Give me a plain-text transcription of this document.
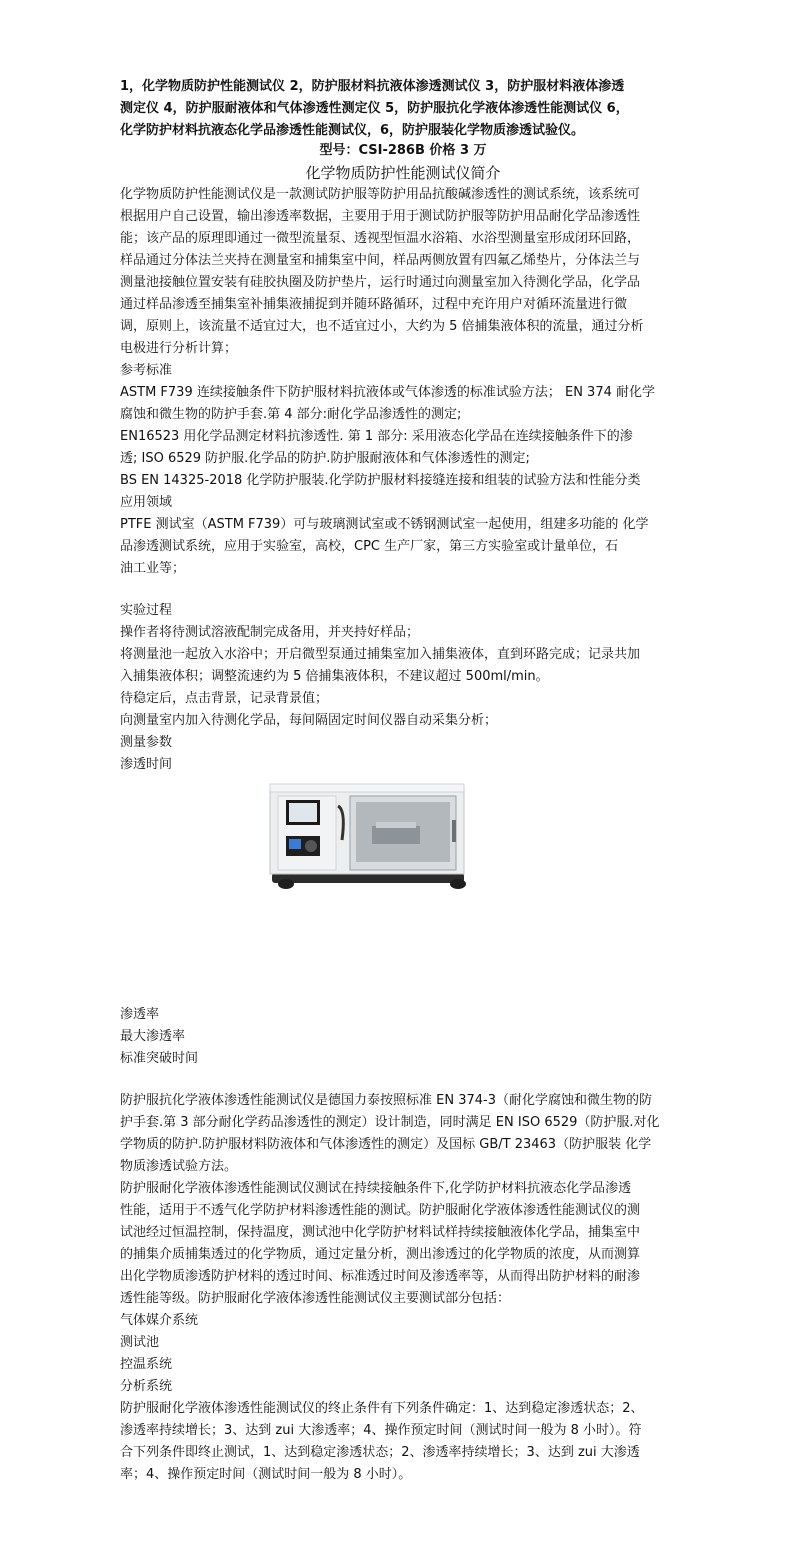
1，化学物质防护性能测试仪 2，防护服材料抗液体渗透测试仪 3，防护服材料液体渗透
测定仪 4，防护服耐液体和气体渗透性测定仪 5，防护服抗化学液体渗透性能测试仪 6，
化学防护材料抗液态化学品渗透性能测试仪，6，防护服装化学物质渗透试验仪。
型号：CSI-286B 价格 3 万
化学物质防护性能测试仪简介
化学物质防护性能测试仪是一款测试防护服等防护用品抗酸碱渗透性的测试系统，该系统可
根据用户自己设置，输出渗透率数据，主要用于用于测试防护服等防护用品耐化学品渗透性
能；该产品的原理即通过一微型流量泵、透视型恒温水浴箱、水浴型测量室形成闭环回路，
样品通过分体法兰夹持在测量室和捕集室中间，样品两侧放置有四氟乙烯垫片，分体法兰与
测量池接触位置安装有硅胶执圈及防护垫片，运行时通过向测量室加入待测化学品，化学品
通过样品渗透至捕集室补捕集液捕捉到并随环路循环，过程中充许用户对循环流量进行微
调，原则上，该流量不适宜过大，也不适宜过小，大约为 5 倍捕集液体积的流量，通过分析
电极进行分析计算；
参考标准
ASTM F739 连续接触条件下防护服材料抗液体或气体渗透的标准试验方法； EN 374 耐化学
腐蚀和微生物的防护手套.第 4 部分:耐化学品渗透性的测定;
EN16523 用化学品测定材料抗渗透性. 第 1 部分: 采用液态化学品在连续接触条件下的渗
透; ISO 6529 防护服.化学品的防护.防护服耐液体和气体渗透性的测定;
BS EN 14325-2018 化学防护服装.化学防护服材料接缝连接和组装的试验方法和性能分类
应用领域
PTFE 测试室（ASTM F739）可与玻璃测试室或不锈钢测试室一起使用，组建多功能的 化学
品渗透测试系统，应用于实验室，高校，CPC 生产厂家，第三方实验室或计量单位，石
油工业等；
实验过程
操作者将待测试溶液配制完成备用，并夹持好样品；
将测量池一起放入水浴中；开启微型泵通过捕集室加入捕集液体，直到环路完成；记录共加
入捕集液体积；调整流速约为 5 倍捕集液体积，不建议超过 500ml/min。
待稳定后，点击背景，记录背景值；
向测量室内加入待测化学品，每间隔固定时间仪器自动采集分析；
测量参数
渗透时间
渗透率
最大渗透率
标准突破时间
防护服抗化学液体渗透性能测试仪是德国力泰按照标准 EN 374-3（耐化学腐蚀和微生物的防
护手套.第 3 部分耐化学药品渗透性的测定）设计制造，同时满足 EN ISO 6529（防护服.对化
学物质的防护.防护服材料防液体和气体渗透性的测定）及国标 GB/T 23463（防护服装 化学
物质渗透试验方法。
防护服耐化学液体渗透性能测试仪测试在持续接触条件下,化学防护材料抗液态化学品渗透
性能，适用于不透气化学防护材料渗透性能的测试。防护服耐化学液体渗透性能测试仪的测
试池经过恒温控制，保持温度，测试池中化学防护材料试样持续接触液体化学品，捕集室中
的捕集介质捕集透过的化学物质，通过定量分析，测出渗透过的化学物质的浓度，从而测算
出化学物质渗透防护材料的透过时间、标准透过时间及渗透率等，从而得出防护材料的耐渗
透性能等级。防护服耐化学液体渗透性能测试仪主要测试部分包括：
气体媒介系统
测试池
控温系统
分析系统
防护服耐化学液体渗透性能测试仪的终止条件有下列条件确定：1、达到稳定渗透状态；2、
渗透率持续增长；3、达到 zui 大渗透率；4、操作预定时间（测试时间一般为 8 小时）。符
合下列条件即终止测试，1、达到稳定渗透状态；2、渗透率持续增长；3、达到 zui 大渗透
率；4、操作预定时间（测试时间一般为 8 小时）。
